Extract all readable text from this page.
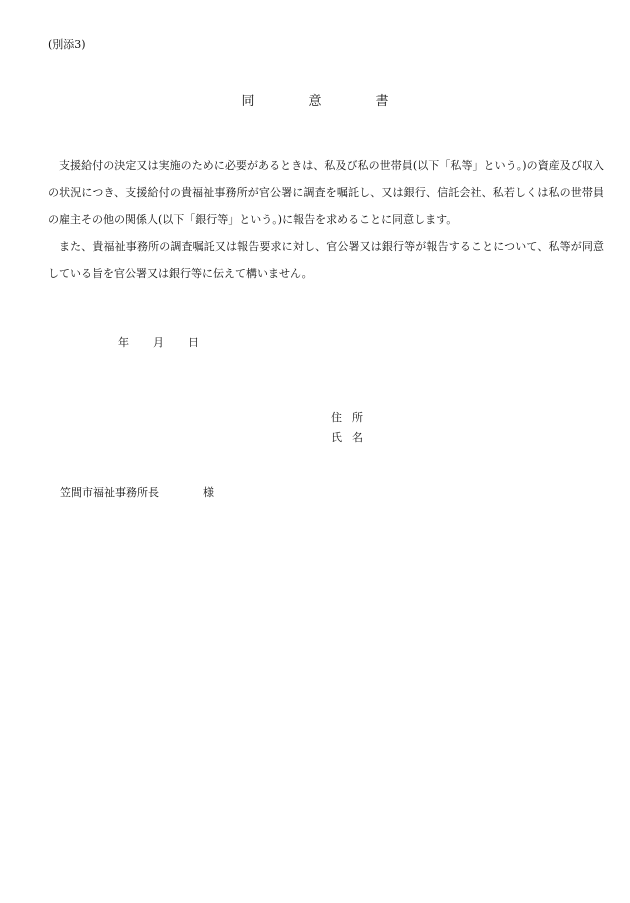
(別添3)
同	意	書

支援給付の決定又は実施のために必要があるときは、私及び私の世帯員(以下「私等」という。)の資産及び収入の状況につき、支援給付の貴福祉事務所が官公署に調査を嘱託し、又は銀行、信託会社、私若しくは私の世帯員の雇主その他の関係人(以下「銀行等」という。)に報告を求めることに同意します。

また、貴福祉事務所の調査嘱託又は報告要求に対し、官公署又は銀行等が報告することについて、私等が同意している旨を官公署又は銀行等に伝えて構いません。

年 月 日
住 所
氏 名
笠間市福祉事務所長	様
